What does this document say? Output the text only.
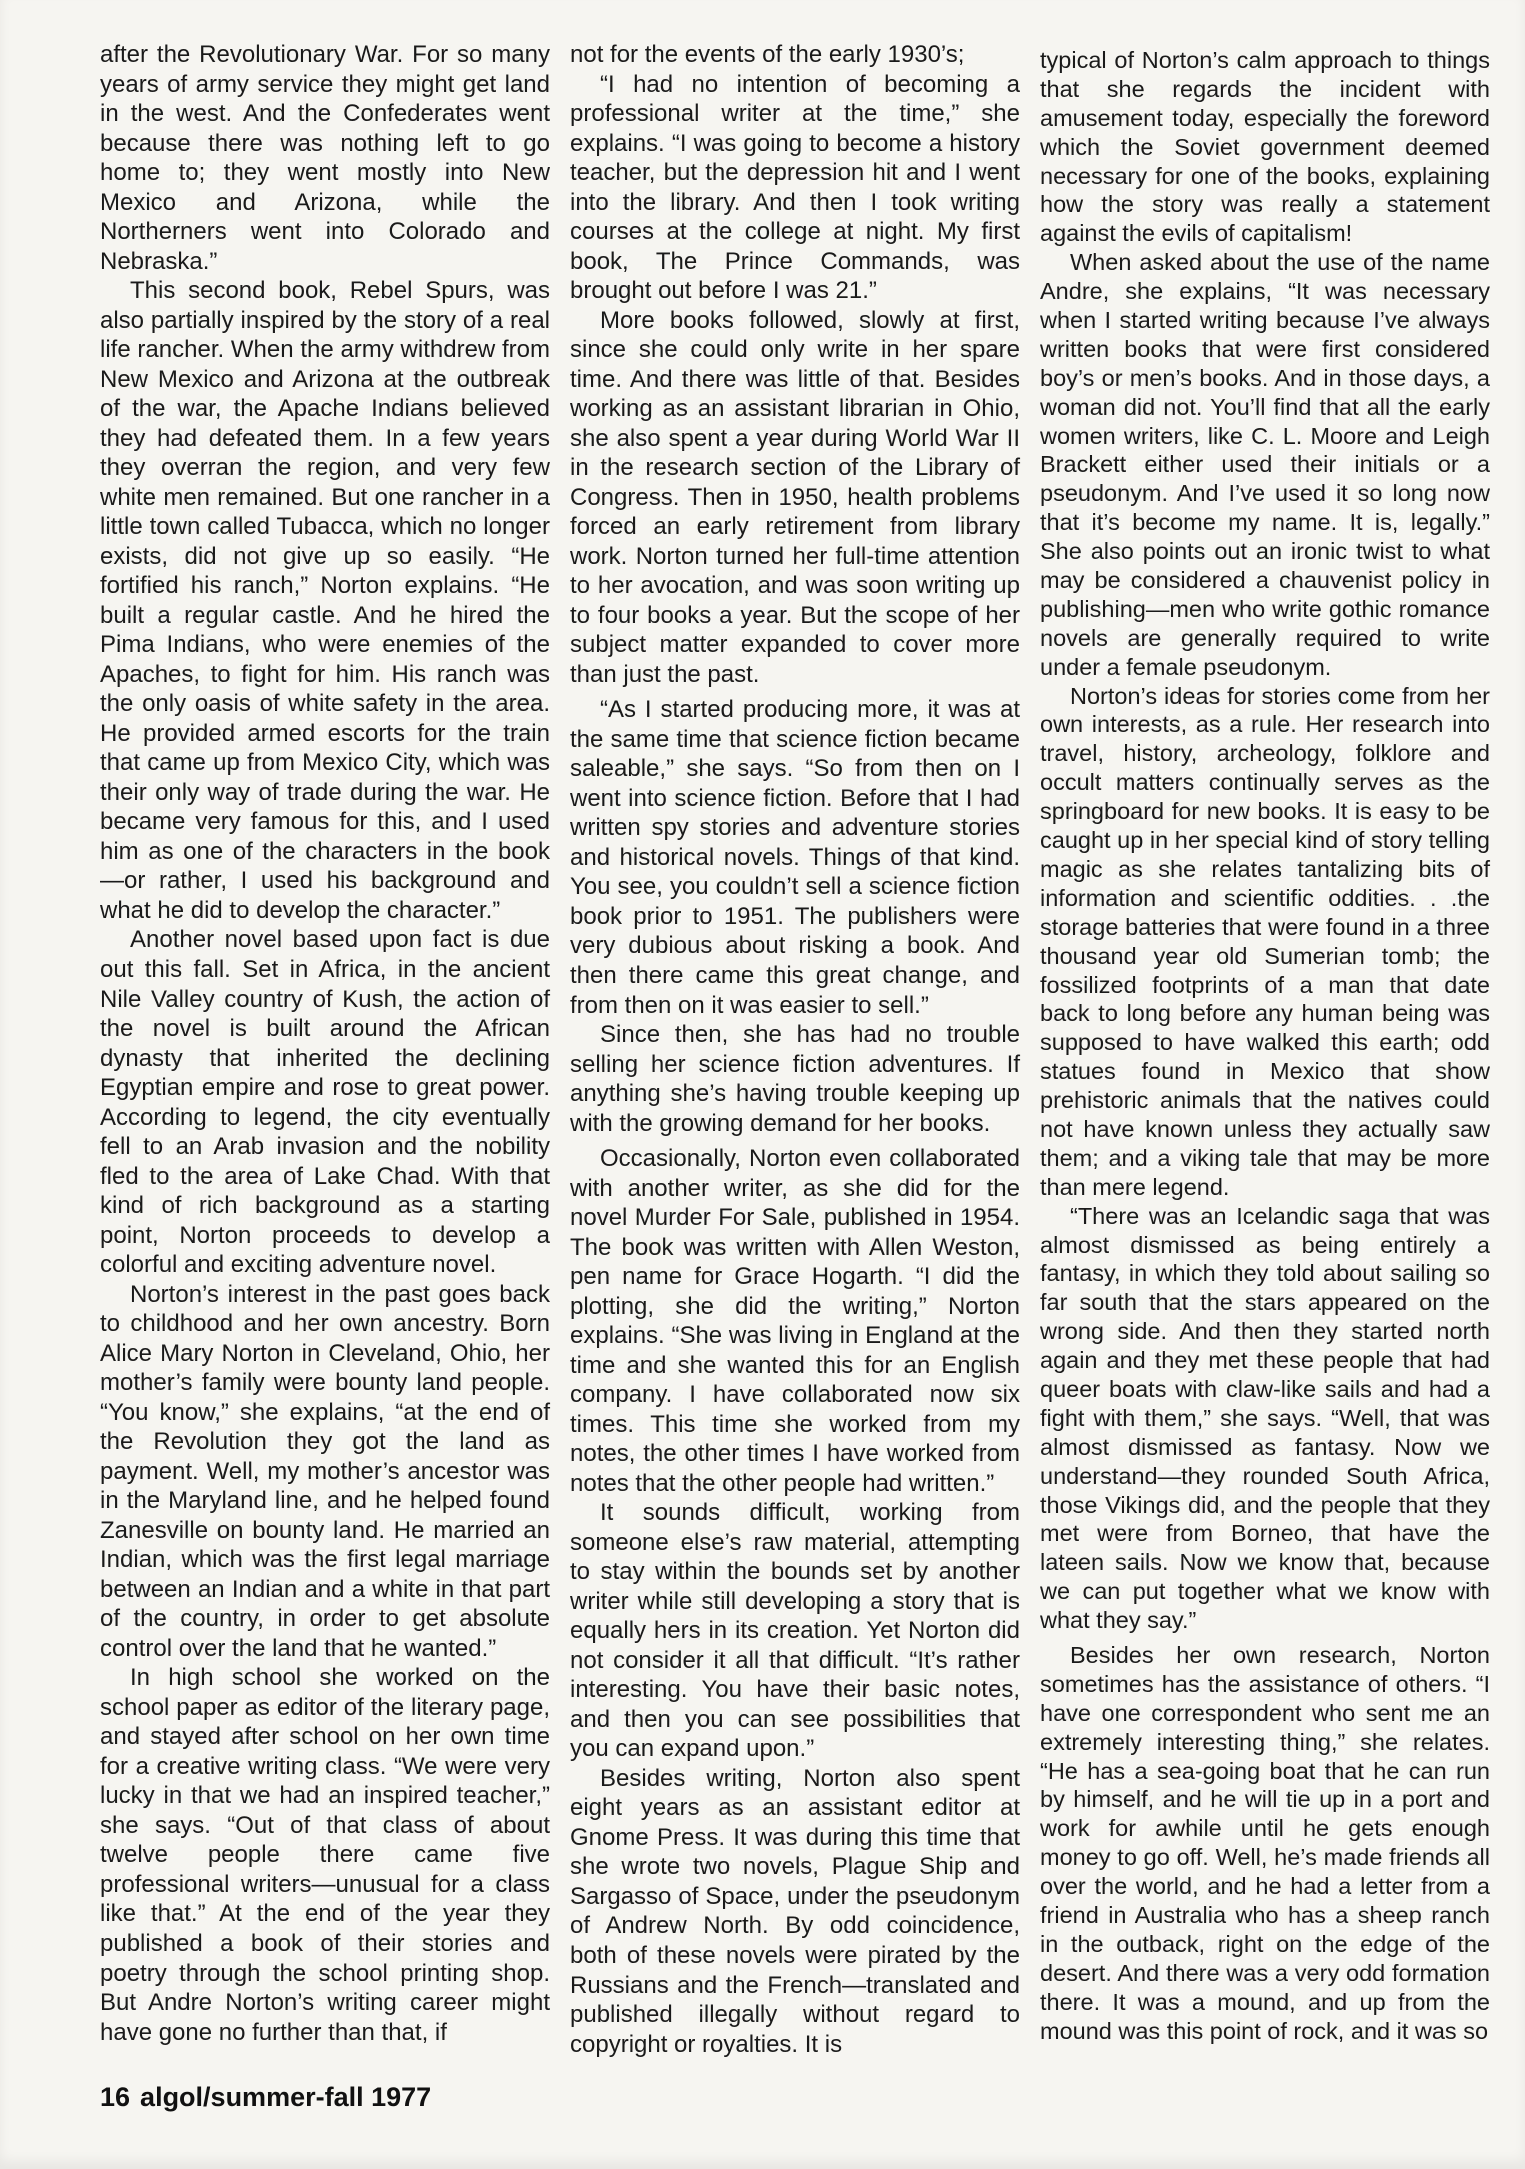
after the Revolutionary War. For so many years of army service they might get land in the west. And the Confederates went because there was nothing left to go home to; they went mostly into New Mexico and Arizona, while the Northerners went into Colorado and Nebraska.”

This second book, Rebel Spurs, was also partially inspired by the story of a real life rancher. When the army withdrew from New Mexico and Arizona at the outbreak of the war, the Apache Indians believed they had defeated them. In a few years they overran the region, and very few white men remained. But one rancher in a little town called Tubacca, which no longer exists, did not give up so easily. “He fortified his ranch,” Norton explains. “He built a regular castle. And he hired the Pima Indians, who were enemies of the Apaches, to fight for him. His ranch was the only oasis of white safety in the area. He provided armed escorts for the train that came up from Mexico City, which was their only way of trade during the war. He became very famous for this, and I used him as one of the characters in the book—or rather, I used his background and what he did to develop the character.”

Another novel based upon fact is due out this fall. Set in Africa, in the ancient Nile Valley country of Kush, the action of the novel is built around the African dynasty that inherited the declining Egyptian empire and rose to great power. According to legend, the city eventually fell to an Arab invasion and the nobility fled to the area of Lake Chad. With that kind of rich background as a starting point, Norton proceeds to develop a colorful and exciting adventure novel.

Norton’s interest in the past goes back to childhood and her own ancestry. Born Alice Mary Norton in Cleveland, Ohio, her mother’s family were bounty land people. “You know,” she explains, “at the end of the Revolution they got the land as payment. Well, my mother’s ancestor was in the Maryland line, and he helped found Zanesville on bounty land. He married an Indian, which was the first legal marriage between an Indian and a white in that part of the country, in order to get absolute control over the land that he wanted.”

In high school she worked on the school paper as editor of the literary page, and stayed after school on her own time for a creative writing class. “We were very lucky in that we had an inspired teacher,” she says. “Out of that class of about twelve people there came five professional writers—unusual for a class like that.” At the end of the year they published a book of their stories and poetry through the school printing shop. But Andre Norton’s writing career might have gone no further than that, if

not for the events of the early 1930’s;

“I had no intention of becoming a professional writer at the time,” she explains. “I was going to become a history teacher, but the depression hit and I went into the library. And then I took writing courses at the college at night. My first book, The Prince Commands, was brought out before I was 21.”

More books followed, slowly at first, since she could only write in her spare time. And there was little of that. Besides working as an assistant librarian in Ohio, she also spent a year during World War II in the research section of the Library of Congress. Then in 1950, health problems forced an early retirement from library work. Norton turned her full-time attention to her avocation, and was soon writing up to four books a year. But the scope of her subject matter expanded to cover more than just the past.

“As I started producing more, it was at the same time that science fiction became saleable,” she says. “So from then on I went into science fiction. Before that I had written spy stories and adventure stories and historical novels. Things of that kind. You see, you couldn’t sell a science fiction book prior to 1951. The publishers were very dubious about risking a book. And then there came this great change, and from then on it was easier to sell.”

Since then, she has had no trouble selling her science fiction adventures. If anything she’s having trouble keeping up with the growing demand for her books.

Occasionally, Norton even collaborated with another writer, as she did for the novel Murder For Sale, published in 1954. The book was written with Allen Weston, pen name for Grace Hogarth. “I did the plotting, she did the writing,” Norton explains. “She was living in England at the time and she wanted this for an English company. I have collaborated now six times. This time she worked from my notes, the other times I have worked from notes that the other people had written.”

It sounds difficult, working from someone else’s raw material, attempting to stay within the bounds set by another writer while still developing a story that is equally hers in its creation. Yet Norton did not consider it all that difficult. “It’s rather interesting. You have their basic notes, and then you can see possibilities that you can expand upon.”

Besides writing, Norton also spent eight years as an assistant editor at Gnome Press. It was during this time that she wrote two novels, Plague Ship and Sargasso of Space, under the pseudonym of Andrew North. By odd coincidence, both of these novels were pirated by the Russians and the French—translated and published illegally without regard to copyright or royalties. It is

typical of Norton’s calm approach to things that she regards the incident with amusement today, especially the foreword which the Soviet government deemed necessary for one of the books, explaining how the story was really a statement against the evils of capitalism!

When asked about the use of the name Andre, she explains, “It was necessary when I started writing because I’ve always written books that were first considered boy’s or men’s books. And in those days, a woman did not. You’ll find that all the early women writers, like C. L. Moore and Leigh Brackett either used their initials or a pseudonym. And I’ve used it so long now that it’s become my name. It is, legally.” She also points out an ironic twist to what may be considered a chauvenist policy in publishing—men who write gothic romance novels are generally required to write under a female pseudonym.

Norton’s ideas for stories come from her own interests, as a rule. Her research into travel, history, archeology, folklore and occult matters continually serves as the springboard for new books. It is easy to be caught up in her special kind of story telling magic as she relates tantalizing bits of information and scientific oddities. . .the storage batteries that were found in a three thousand year old Sumerian tomb; the fossilized footprints of a man that date back to long before any human being was supposed to have walked this earth; odd statues found in Mexico that show prehistoric animals that the natives could not have known unless they actually saw them; and a viking tale that may be more than mere legend.

“There was an Icelandic saga that was almost dismissed as being entirely a fantasy, in which they told about sailing so far south that the stars appeared on the wrong side. And then they started north again and they met these people that had queer boats with claw-like sails and had a fight with them,” she says. “Well, that was almost dismissed as fantasy. Now we understand—they rounded South Africa, those Vikings did, and the people that they met were from Borneo, that have the lateen sails. Now we know that, because we can put together what we know with what they say.”

Besides her own research, Norton sometimes has the assistance of others. “I have one correspondent who sent me an extremely interesting thing,” she relates. “He has a sea-going boat that he can run by himself, and he will tie up in a port and work for awhile until he gets enough money to go off. Well, he’s made friends all over the world, and he had a letter from a friend in Australia who has a sheep ranch in the outback, right on the edge of the desert. And there was a very odd formation there. It was a mound, and up from the mound was this point of rock, and it was so

16 algol/summer-fall 1977
